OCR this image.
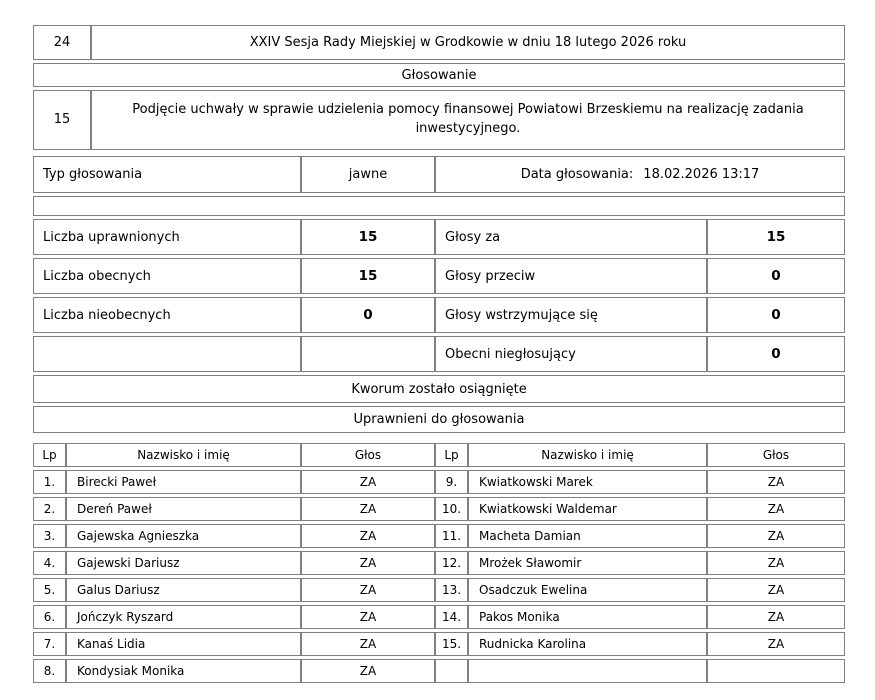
24	XXIV Sesja Rady Miejskiej w Grodkowie w dniu 18 lutego 2026 roku
Głosowanie	
15	Podjęcie uchwały w sprawie udzielenia pomocy finansowej Powiatowi Brzeskiemu na realizację zadania inwestycyjnego.
Typ głosowania	jawne	Data głosowania: 18.02.2026 13:17	

Liczba uprawnionych	15	Głosy za	15
Liczba obecnych	15	Głosy przeciw	0
Liczba nieobecnych	0	Głosy wstrzymujące się	0
		Obecni niegłosujący	0
Kworum zostało osiągnięte			
Uprawnieni do głosowania			
Lp	Nazwisko i imię	Głos	Lp	Nazwisko i imię	Głos
1.	Birecki Paweł	ZA	9.	Kwiatkowski Marek	ZA
2.	Dereń Paweł	ZA	10.	Kwiatkowski Waldemar	ZA
3.	Gajewska Agnieszka	ZA	11.	Macheta Damian	ZA
4.	Gajewski Dariusz	ZA	12.	Mrożek Sławomir	ZA
5.	Galus Dariusz	ZA	13.	Osadczuk Ewelina	ZA
6.	Jończyk Ryszard	ZA	14.	Pakos Monika	ZA
7.	Kanaś Lidia	ZA	15.	Rudnicka Karolina	ZA
8.	Kondysiak Monika	ZA			
